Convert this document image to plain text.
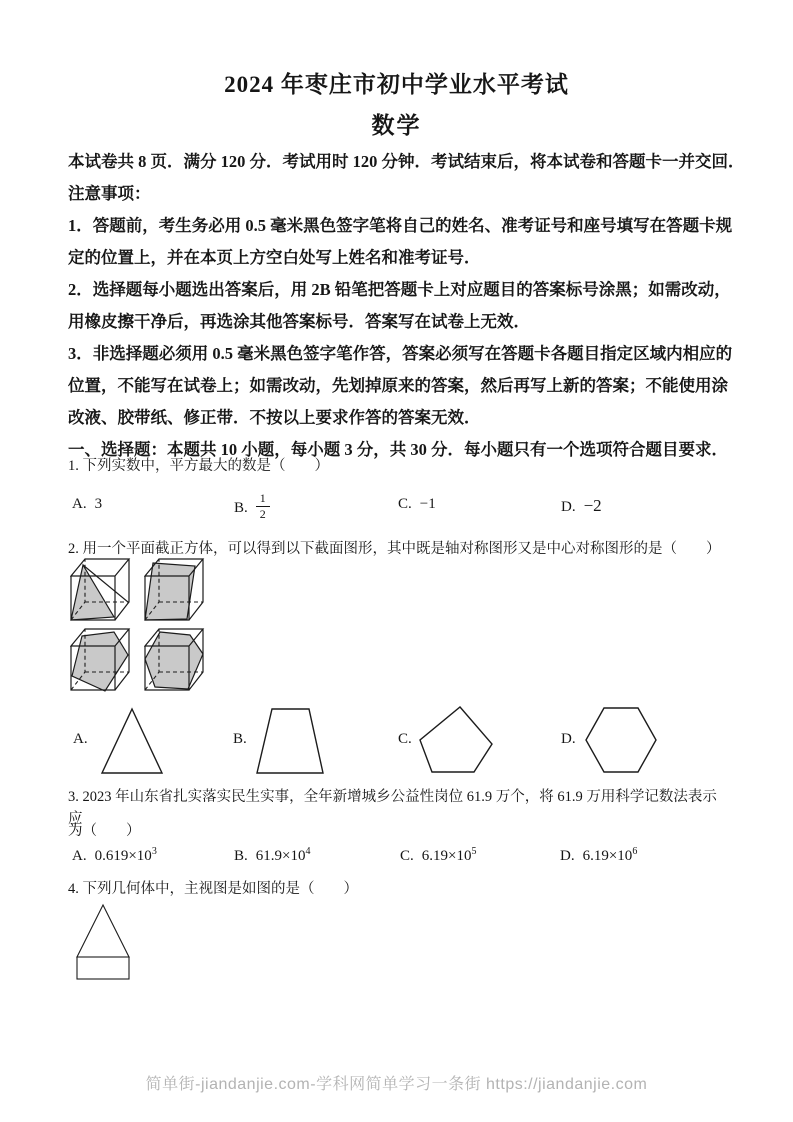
2024 年枣庄市初中学业水平考试
数学
本试卷共 8 页．满分 120 分．考试用时 120 分钟．考试结束后，将本试卷和答题卡一并交回．
注意事项：
1．答题前，考生务必用 0.5 毫米黑色签字笔将自己的姓名、准考证号和座号填写在答题卡规
定的位置上，并在本页上方空白处写上姓名和准考证号．
2．选择题每小题选出答案后，用 2B 铅笔把答题卡上对应题目的答案标号涂黑；如需改动，
用橡皮擦干净后，再选涂其他答案标号．答案写在试卷上无效．
3．非选择题必须用 0.5 毫米黑色签字笔作答，答案必须写在答题卡各题目指定区域内相应的
位置，不能写在试卷上；如需改动，先划掉原来的答案，然后再写上新的答案；不能使用涂
改液、胶带纸、修正带．不按以上要求作答的答案无效．
一、选择题：本题共 10 小题，每小题 3 分，共 30 分．每小题只有一个选项符合题目要求．
1. 下列实数中，平方最大的数是（　　）
A. 3	B. $\frac{1}{2}$	C. −1	D. −2
2. 用一个平面截正方体，可以得到以下截面图形，其中既是轴对称图形又是中心对称图形的是（　　）
A.	B.	C.	D.
3. 2023 年山东省扎实落实民生实事，全年新增城乡公益性岗位 61.9 万个，将 61.9 万用科学记数法表示应
为（　　）
A. $0.619\times 10^3$	B. $61.9\times 10^4$	C. $6.19\times 10^5$	D. $6.19\times 10^6$
4. 下列几何体中，主视图是如图的是（　　）
简单街-jiandanjie.com-学科网简单学习一条街 https://jiandanjie.com
